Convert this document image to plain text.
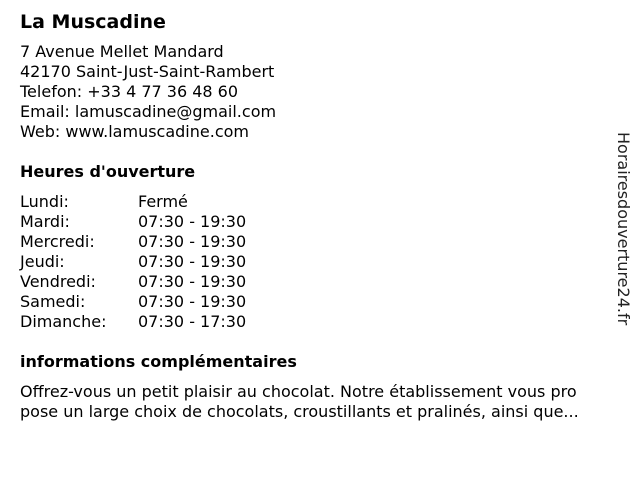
La Muscadine
7 Avenue Mellet Mandard
42170 Saint-Just-Saint-Rambert
Telefon: +33 4 77 36 48 60
Email: lamuscadine@gmail.com
Web: www.lamuscadine.com
Heures d'ouverture
Lundi:	Fermé
Mardi:	07:30 - 19:30
Mercredi:	07:30 - 19:30
Jeudi:	07:30 - 19:30
Vendredi:	07:30 - 19:30
Samedi:	07:30 - 19:30
Dimanche:	07:30 - 17:30
informations complémentaires
Offrez-vous un petit plaisir au chocolat. Notre établissement vous pro
pose un large choix de chocolats, croustillants et pralinés, ainsi que...
Horairesdouverture24.fr
